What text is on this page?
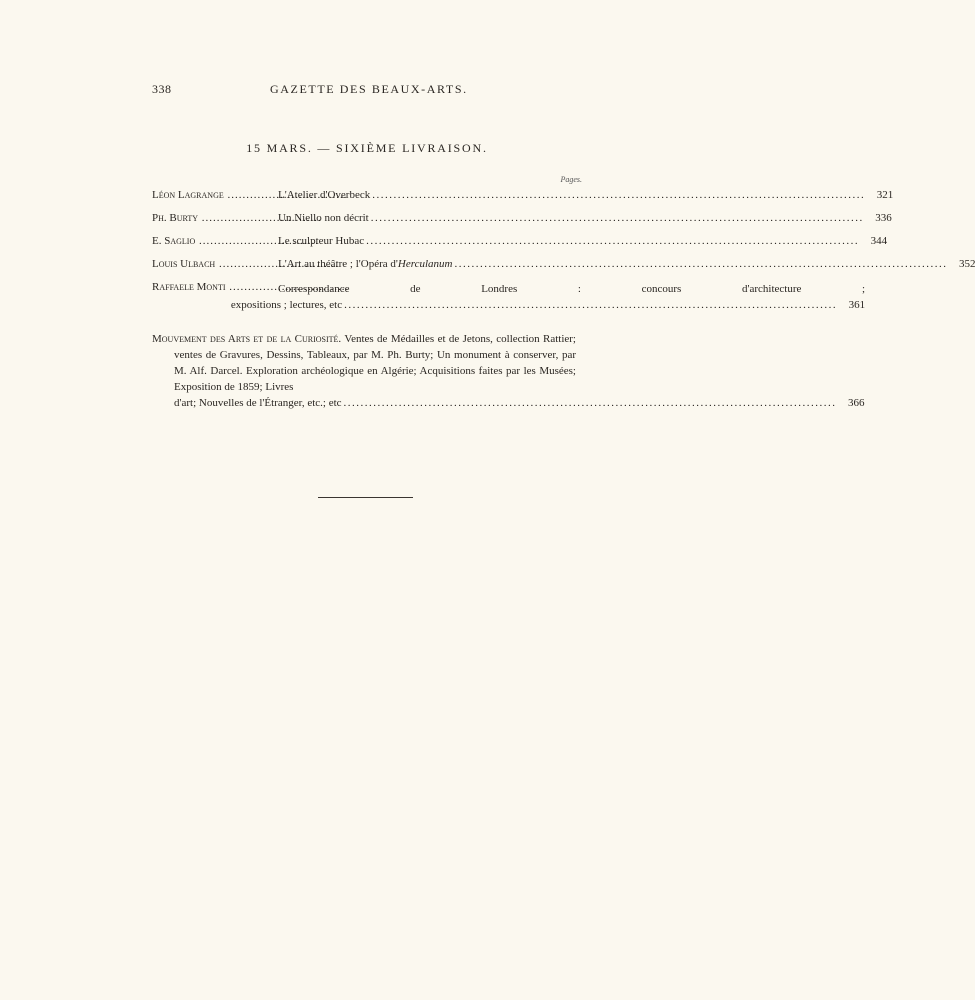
338	GAZETTE DES BEAUX-ARTS.
15 MARS. — SIXIÈME LIVRAISON.
Pages.
Léon Lagrange .....	L'Atelier d'Overbeck .....	321
Ph. Burty .....	Un Niello non décrit .....	336
E. Saglio .....	Le sculpteur Hubac .....	344
Louis Ulbach .....	L'Art au théâtre ; l'Opéra d'Herculanum .....	352
Raffaele Monti .....	Correspondance de Londres : concours d'architecture ;
expositions ; lectures, etc .....	361
Mouvement des Arts et de la Curiosité. Ventes de Médailles et de Jetons, collection Rattier; ventes de Gravures, Dessins, Tableaux, par M. Ph. Burty; Un monument à conserver, par M. Alf. Darcel. Exploration archéologique en Algérie; Acquisitions faites par les Musées; Exposition de 1859; Livres
d'art; Nouvelles de l'Étranger, etc.; etc .....	366
